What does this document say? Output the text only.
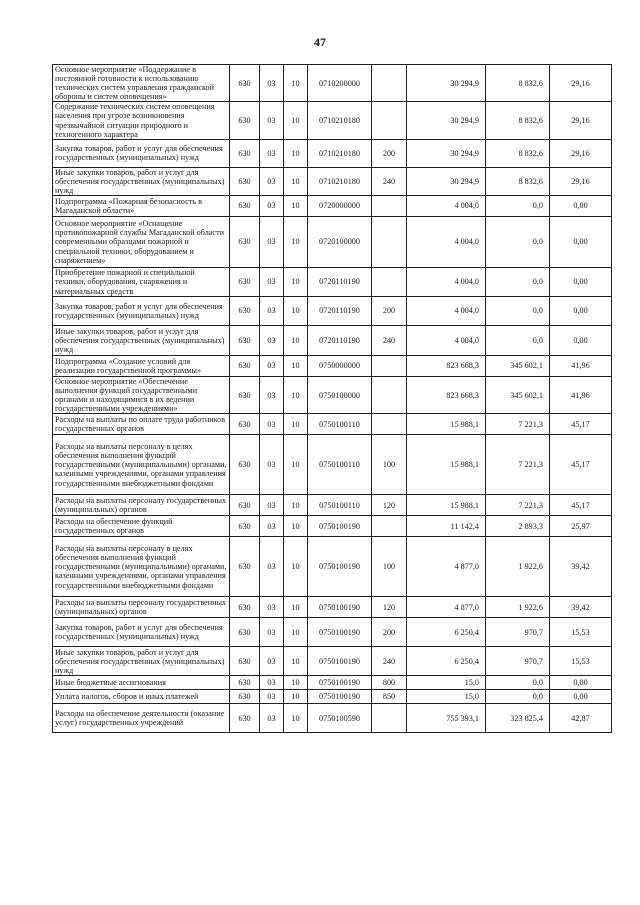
47
Основное мероприятие «Поддержание в постоянной готовности к использованию технических систем управления гражданской обороны и систем оповещения»	630	03	10	0710200000		30 294,9	8 832,6	29,16
Содержание технических систем оповещения населения при угрозе возникновения чрезвычайной ситуации природного и техногенного характера	630	03	10	0710210180		30 294,9	8 832,6	29,16
Закупка товаров, работ и услуг для обеспечения государственных (муниципальных) нужд	630	03	10	0710210180	200	30 294,9	8 832,6	29,16
Иные закупки товаров, работ и услуг для обеспечения государственных (муниципальных) нужд	630	03	10	0710210180	240	30 294,9	8 832,6	29,16
Подпрограмма «Пожарная безопасность в Магаданской области»	630	03	10	0720000000		4 004,0	0,0	0,00
Основное мероприятие «Оснащение противопожарной службы Магаданской области современными образцами пожарной и специальной техники, оборудованием и снаряжением»	630	03	10	0720100000		4 004,0	0,0	0,00
Приобретение пожарной и специальной техники, оборудования, снаряжения и материальных средств	630	03	10	0720110190		4 004,0	0,0	0,00
Закупка товаров, работ и услуг для обеспечения государственных (муниципальных) нужд	630	03	10	0720110190	200	4 004,0	0,0	0,00
Иные закупки товаров, работ и услуг для обеспечения государственных (муниципальных) нужд	630	03	10	0720110190	240	4 004,0	0,0	0,00
Подпрограмма «Создание условий для реализации государственной программы»	630	03	10	0750000000		823 668,3	345 602,1	41,96
Основное мероприятие «Обеспечение выполнения функций государственными органами и находящимися в их ведении государственными учреждениями»	630	03	10	0750100000		823 668,3	345 602,1	41,96
Расходы на выплаты по оплате труда работников государственных органов	630	03	10	0750100110		15 988,1	7 221,3	45,17
Расходы на выплаты персоналу в целях обеспечения выполнения функций государственными (муниципальными) органами, казенными учреждениями, органами управления государственными внебюджетными фондами	630	03	10	0750100110	100	15 988,1	7 221,3	45,17
Расходы на выплаты персоналу государственных (муниципальных) органов	630	03	10	0750100110	120	15 988,1	7 221,3	45,17
Расходы на обеспечение функций государственных органов	630	03	10	0750100190		11 142,4	2 893,3	25,97
Расходы на выплаты персоналу в целях обеспечения выполнения функций государственными (муниципальными) органами, казенными учреждениями, органами управления государственными внебюджетными фондами	630	03	10	0750100190	100	4 877,0	1 922,6	39,42
Расходы на выплаты персоналу государственных (муниципальных) органов	630	03	10	0750100190	120	4 877,0	1 922,6	39,42
Закупка товаров, работ и услуг для обеспечения государственных (муниципальных) нужд	630	03	10	0750100190	200	6 250,4	970,7	15,53
Иные закупки товаров, работ и услуг для обеспечения государственных (муниципальных) нужд	630	03	10	0750100190	240	6 250,4	970,7	15,53
Иные бюджетные ассигнования	630	03	10	0750100190	800	15,0	0,0	0,00
Уплата налогов, сборов и иных платежей	630	03	10	0750100190	850	15,0	0,0	0,00
Расходы на обеспечение деятельности (оказание услуг) государственных учреждений	630	03	10	0750100590		755 393,1	323 825,4	42,87
